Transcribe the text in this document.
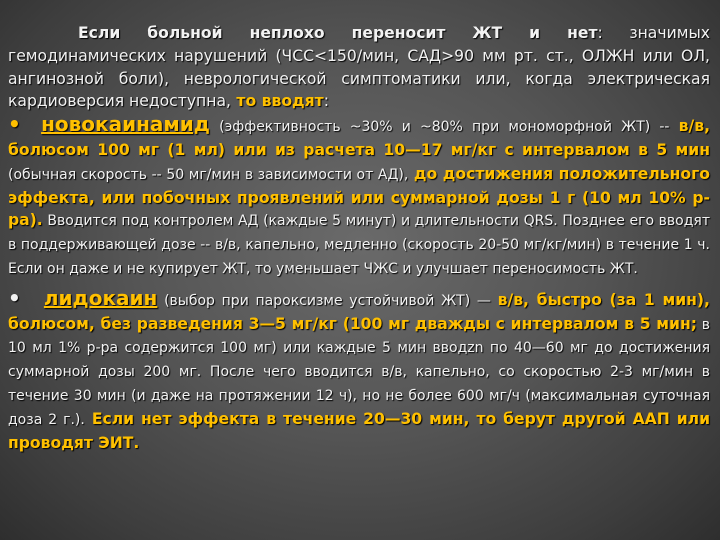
Если больной неплохо переносит ЖТ и нет: значимых гемодинамических нарушений (ЧСС<150/мин, САД>90 мм рт. ст., ОЛЖН или ОЛ, ангинозной боли), неврологической симптоматики или, когда электрическая кардиоверсия недоступна, то вводят:

• новокаинамид (эффективность ~30% и ~80% при мономорфной ЖТ) -- в/в, болюсом 100 мг (1 мл) или из расчета 10—17 мг/кг с интервалом в 5 мин (обычная скорость -- 50 мг/мин в зависимости от АД), до достижения положительного эффекта, или побочных проявлений или суммарной дозы 1 г (10 мл 10% р-ра). Вводится под контролем АД (каждые 5 минут) и длительности QRS. Позднее его вводят в поддерживающей дозе -- в/в, капельно, медленно (скорость 20-50 мг/кг/мин) в течение 1 ч. Если он даже и не купирует ЖТ, то уменьшает ЧЖС и улучшает переносимость ЖТ.

• лидокаин (выбор при пароксизме устойчивой ЖТ) — в/в, быстро (за 1 мин), болюсом, без разведения 3—5 мг/кг (100 мг дважды с интервалом в 5 мин; в 10 мл 1% р-ра содержится 100 мг) или каждые 5 мин вводzn по 40—60 мг до достижения суммарной дозы 200 мг. После чего вводится в/в, капельно, со скоростью 2-3 мг/мин в течение 30 мин (и даже на протяжении 12 ч), но не более 600 мг/ч (максимальная суточная доза 2 г.). Если нет эффекта в течение 20—30 мин, то берут другой ААП или проводят ЭИТ.
